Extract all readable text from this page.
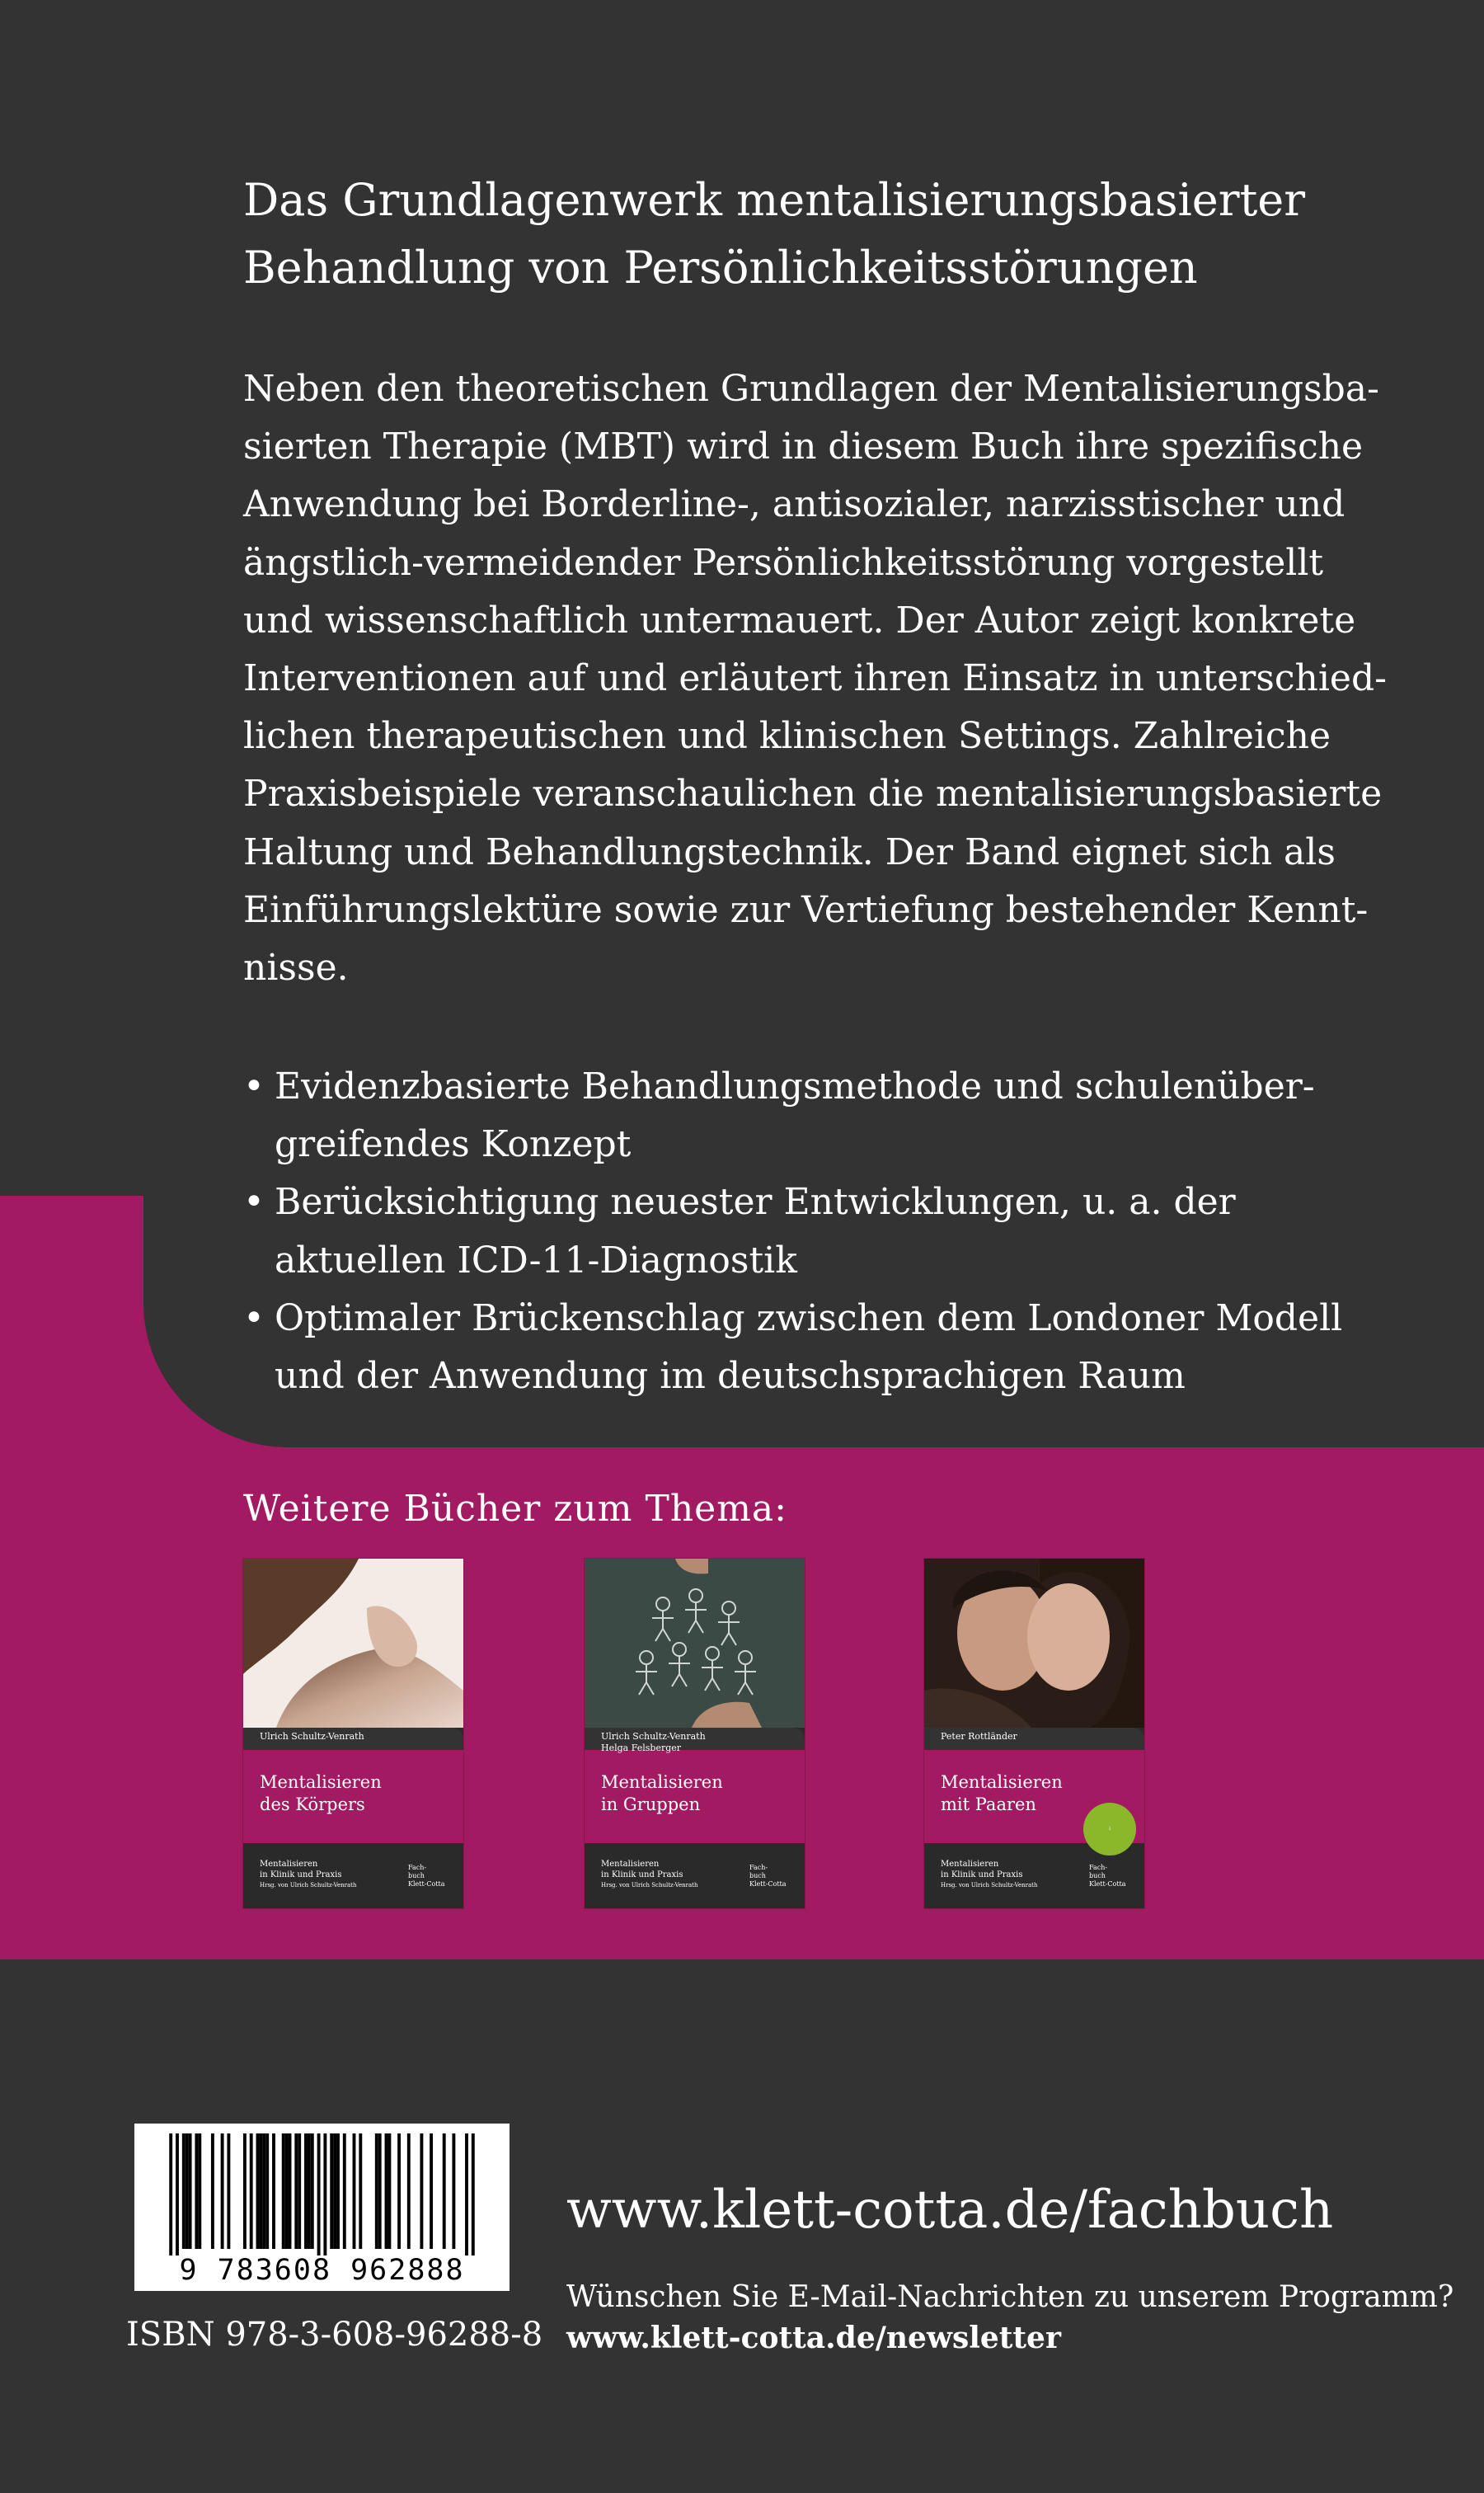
Das Grundlagenwerk mentalisierungsbasierter
Behandlung von Persönlichkeitsstörungen

Neben den theoretischen Grundlagen der Mentalisierungsba-
sierten Therapie (MBT) wird in diesem Buch ihre spezifische
Anwendung bei Borderline-, antisozialer, narzisstischer und
ängstlich-vermeidender Persönlichkeitsstörung vorgestellt
und wissenschaftlich untermauert. Der Autor zeigt konkrete
Interventionen auf und erläutert ihren Einsatz in unterschied-
lichen therapeutischen und klinischen Settings. Zahlreiche
Praxisbeispiele veranschaulichen die mentalisierungsbasierte
Haltung und Behandlungstechnik. Der Band eignet sich als
Einführungslektüre sowie zur Vertiefung bestehender Kennt-
nisse.

• Evidenzbasierte Behandlungsmethode und schulenüber-
greifendes Konzept
• Berücksichtigung neuester Entwicklungen, u. a. der
aktuellen ICD-11-Diagnostik
• Optimaler Brückenschlag zwischen dem Londoner Modell
und der Anwendung im deutschsprachigen Raum
Weitere Bücher zum Thema:
Ulrich Schultz-Venrath
Mentalisieren
des Körpers
Mentalisieren
in Klinik und Praxis
Hrsg. von Ulrich Schultz-Venrath
Fach-
buch
Klett-Cotta
Ulrich Schultz-Venrath
Helga Felsberger
Mentalisieren
in Gruppen
Mentalisieren
in Klinik und Praxis
Hrsg. von Ulrich Schultz-Venrath
Fach-
buch
Klett-Cotta
Peter Rottländer
Mentalisieren
mit Paaren
↓
Mentalisieren
in Klinik und Praxis
Hrsg. von Ulrich Schultz-Venrath
Fach-
buch
Klett-Cotta
9 783608 962888

ISBN 978-3-608-96288-8

www.klett-cotta.de/fachbuch
Wünschen Sie E-Mail-Nachrichten zu unserem Programm?
www.klett-cotta.de/newsletter
